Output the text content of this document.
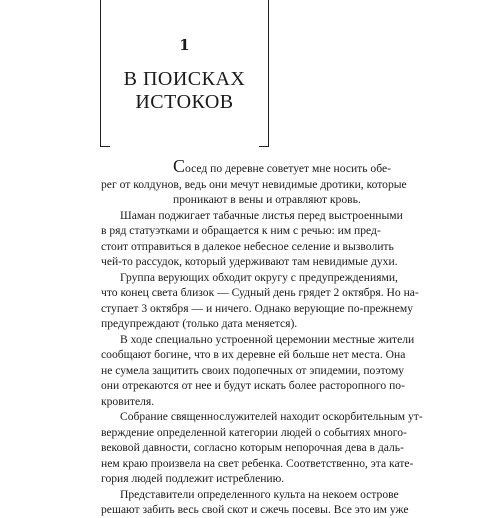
1
В ПОИСКАХ
ИСТОКОВ

Сосед по деревне советует мне носить обе-
рег от колдунов, ведь они мечут невидимые дротики, которые
проникают в вены и отравляют кровь.

Шаман поджигает табачные листья перед выстроенными
в ряд статуэтками и обращается к ним с речью: им пред-
стоит отправиться в далекое небесное селение и вызволить
чей-то рассудок, который удерживают там невидимые духи.

Группа верующих обходит округу с предупреждениями,
что конец света близок — Судный день грядет 2 октября. Но на-
ступает 3 октября — и ничего. Однако верующие по-прежнему
предупреждают (только дата меняется).

В ходе специально устроенной церемонии местные жители
сообщают богине, что в их деревне ей больше нет места. Она
не сумела защитить своих подопечных от эпидемии, поэтому
они отрекаются от нее и будут искать более расторопного по-
кровителя.

Собрание священнослужителей находит оскорбительным ут-
верждение определенной категории людей о событиях много-
вековой давности, согласно которым непорочная дева в даль-
нем краю произвела на свет ребенка. Соответственно, эта кате-
гория людей подлежит истреблению.

Представители определенного культа на некоем острове
решают забить весь свой скот и сжечь посевы. Все это им уже
